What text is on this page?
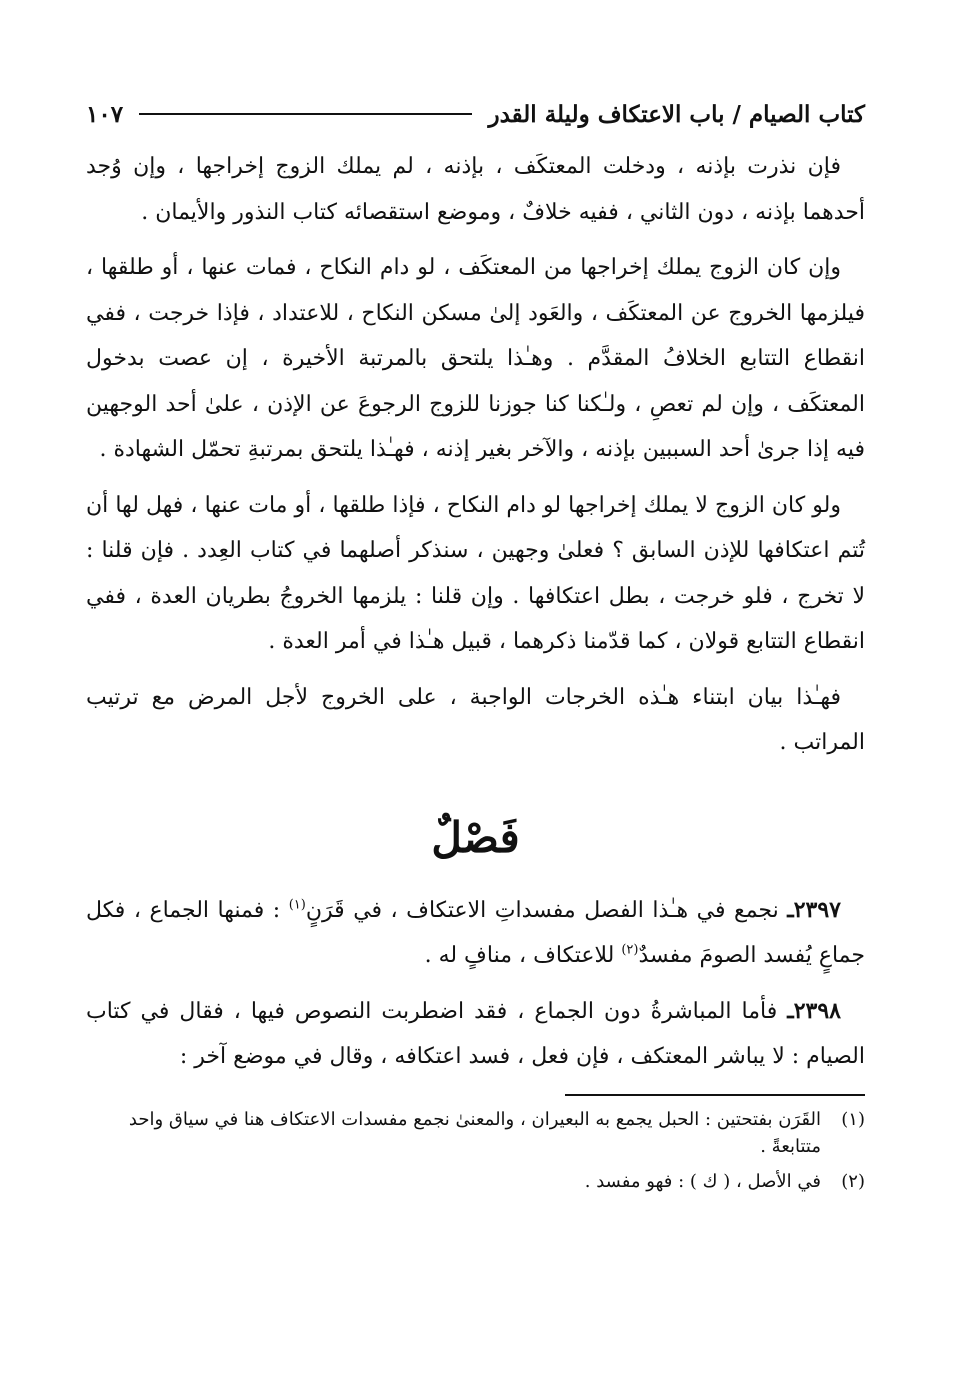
كتاب الصيام / باب الاعتكاف وليلة القدر
١٠٧

فإن نذرت بإذنه ، ودخلت المعتكَف ، بإذنه ، لم يملك الزوج إخراجها ، وإن وُجد أحدهما بإذنه ، دون الثاني ، ففيه خلافٌ ، وموضع استقصائه كتاب النذور والأيمان .

وإن كان الزوج يملك إخراجها من المعتكَف ، لو دام النكاح ، فمات عنها ، أو طلقها ، فيلزمها الخروج عن المعتكَف ، والعَود إلىٰ مسكن النكاح ، للاعتداد ، فإذا خرجت ، ففي انقطاع التتابع الخلافُ المقدَّم . وهـٰذا يلتحق بالمرتبة الأخيرة ، إن عصت بدخول المعتكَف ، وإن لم تعصِ ، ولـٰكنا كنا جوزنا للزوج الرجوعَ عن الإذن ، علىٰ أحد الوجهين فيه إذا جرىٰ أحد السببين بإذنه ، والآخر بغير إذنه ، فهـٰذا يلتحق بمرتبةِ تحمّل الشهادة .

ولو كان الزوج لا يملك إخراجها لو دام النكاح ، فإذا طلقها ، أو مات عنها ، فهل لها أن تُتم اعتكافها للإذن السابق ؟ فعلىٰ وجهين ، سنذكر أصلهما في كتاب العِدد . فإن قلنا : لا تخرج ، فلو خرجت ، بطل اعتكافها . وإن قلنا : يلزمها الخروجُ بطريان العدة ، ففي انقطاع التتابع قولان ، كما قدّمنا ذكرهما ، قبيل هـٰذا في أمر العدة .

فهـٰذا بيان ابتناء هـٰذه الخرجات الواجبة ، على الخروج لأجل المرض مع ترتيب المراتب .

فَصْلٌ

٢٣٩٧ـ نجمع في هـٰذا الفصل مفسداتِ الاعتكاف ، في قَرَنٍ$^{(١)}$ : فمنها الجماع ، فكل جماعٍ يُفسد الصومَ مفسدٌ$^{(٢)}$ للاعتكاف ، منافٍ له .

٢٣٩٨ـ فأما المباشرةُ دون الجماع ، فقد اضطربت النصوص فيها ، فقال في كتاب الصيام : لا يباشر المعتكف ، فإن فعل ، فسد اعتكافه ، وقال في موضع آخر :

(١)
القَرَن بفتحتين : الحبل يجمع به البعيران ، والمعنىٰ نجمع مفسدات الاعتكاف هنا في سياق واحد متتابعةً .
(٢)
في الأصل ، ( ك ) : فهو مفسد .
